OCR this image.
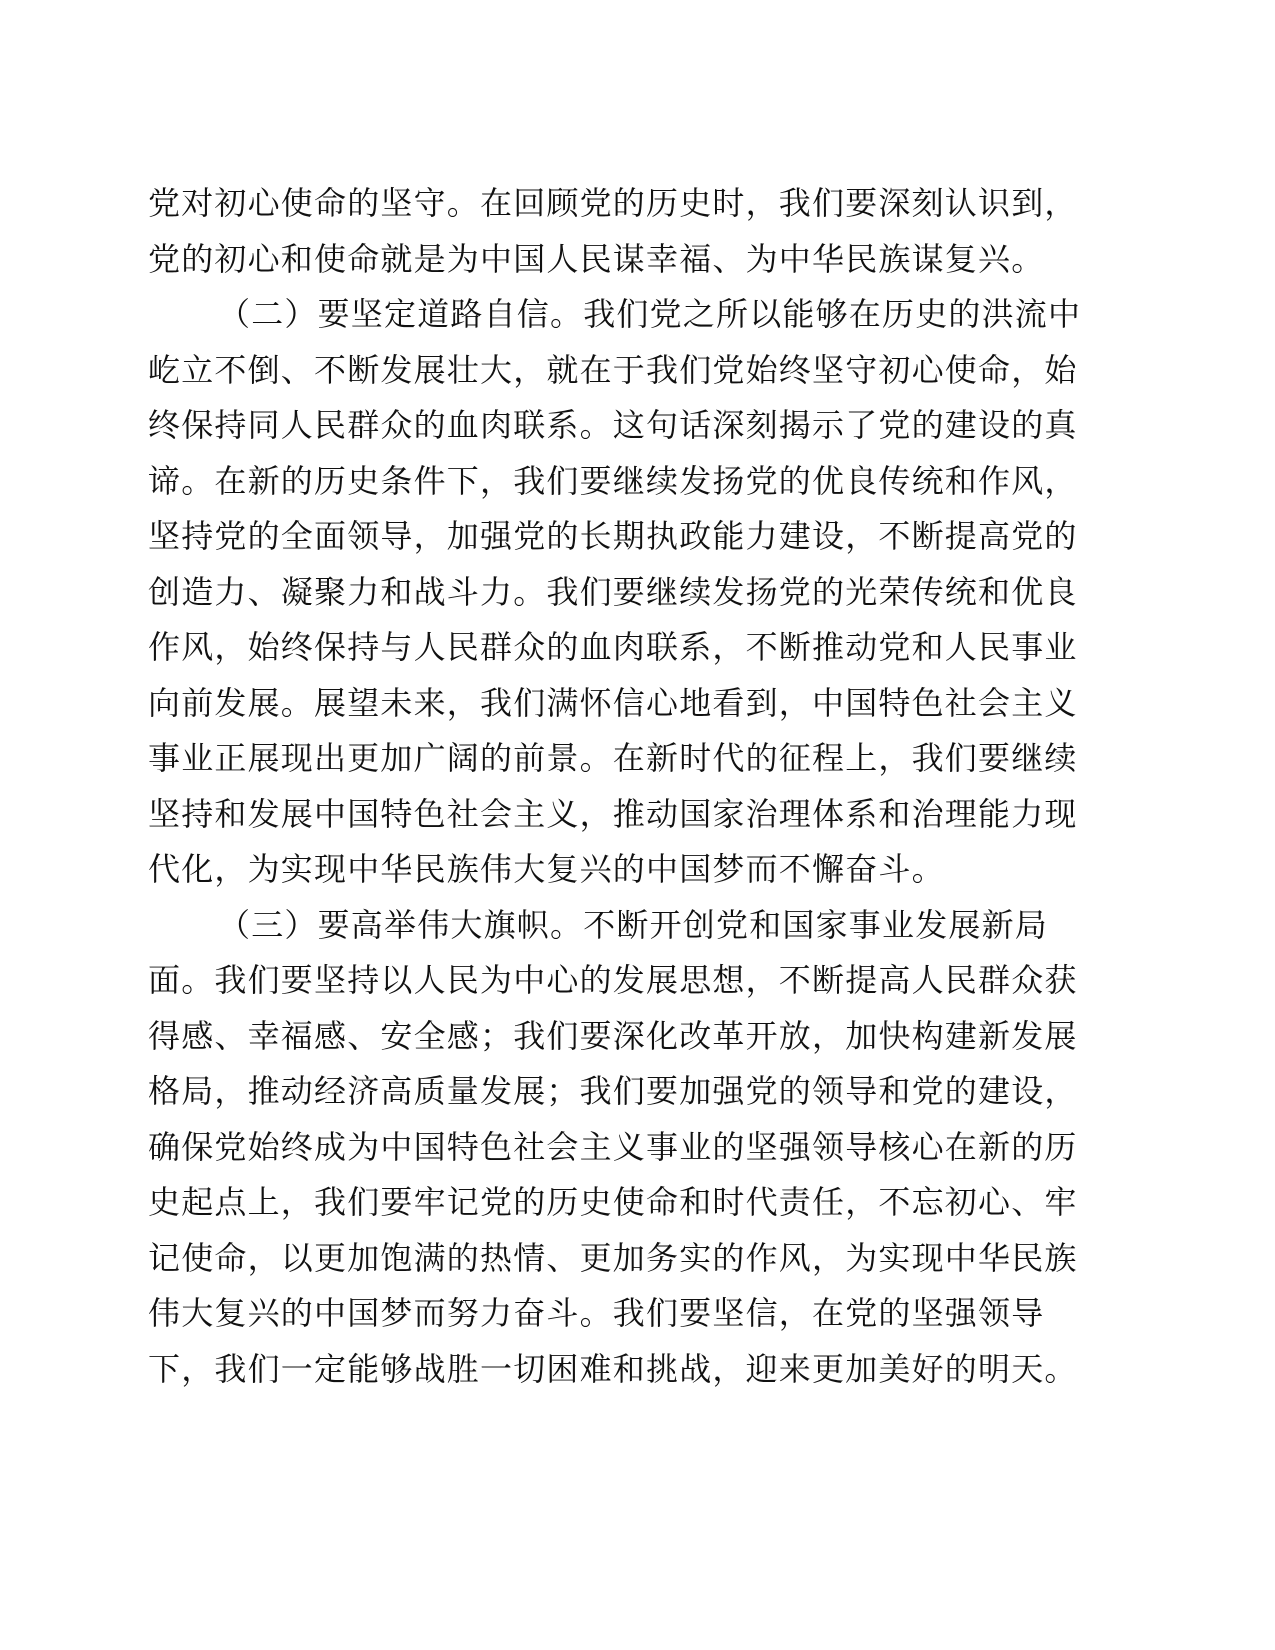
党对初心使命的坚守。在回顾党的历史时，我们要深刻认识到，
党的初心和使命就是为中国人民谋幸福、为中华民族谋复兴。
（二）要坚定道路自信。我们党之所以能够在历史的洪流中
屹立不倒、不断发展壮大，就在于我们党始终坚守初心使命，始
终保持同人民群众的血肉联系。这句话深刻揭示了党的建设的真
谛。在新的历史条件下，我们要继续发扬党的优良传统和作风，
坚持党的全面领导，加强党的长期执政能力建设，不断提高党的
创造力、凝聚力和战斗力。我们要继续发扬党的光荣传统和优良
作风，始终保持与人民群众的血肉联系，不断推动党和人民事业
向前发展。展望未来，我们满怀信心地看到，中国特色社会主义
事业正展现出更加广阔的前景。在新时代的征程上，我们要继续
坚持和发展中国特色社会主义，推动国家治理体系和治理能力现
代化，为实现中华民族伟大复兴的中国梦而不懈奋斗。
（三）要高举伟大旗帜。不断开创党和国家事业发展新局
面。我们要坚持以人民为中心的发展思想，不断提高人民群众获
得感、幸福感、安全感；我们要深化改革开放，加快构建新发展
格局，推动经济高质量发展；我们要加强党的领导和党的建设，
确保党始终成为中国特色社会主义事业的坚强领导核心在新的历
史起点上，我们要牢记党的历史使命和时代责任，不忘初心、牢
记使命，以更加饱满的热情、更加务实的作风，为实现中华民族
伟大复兴的中国梦而努力奋斗。我们要坚信，在党的坚强领导
下，我们一定能够战胜一切困难和挑战，迎来更加美好的明天。
